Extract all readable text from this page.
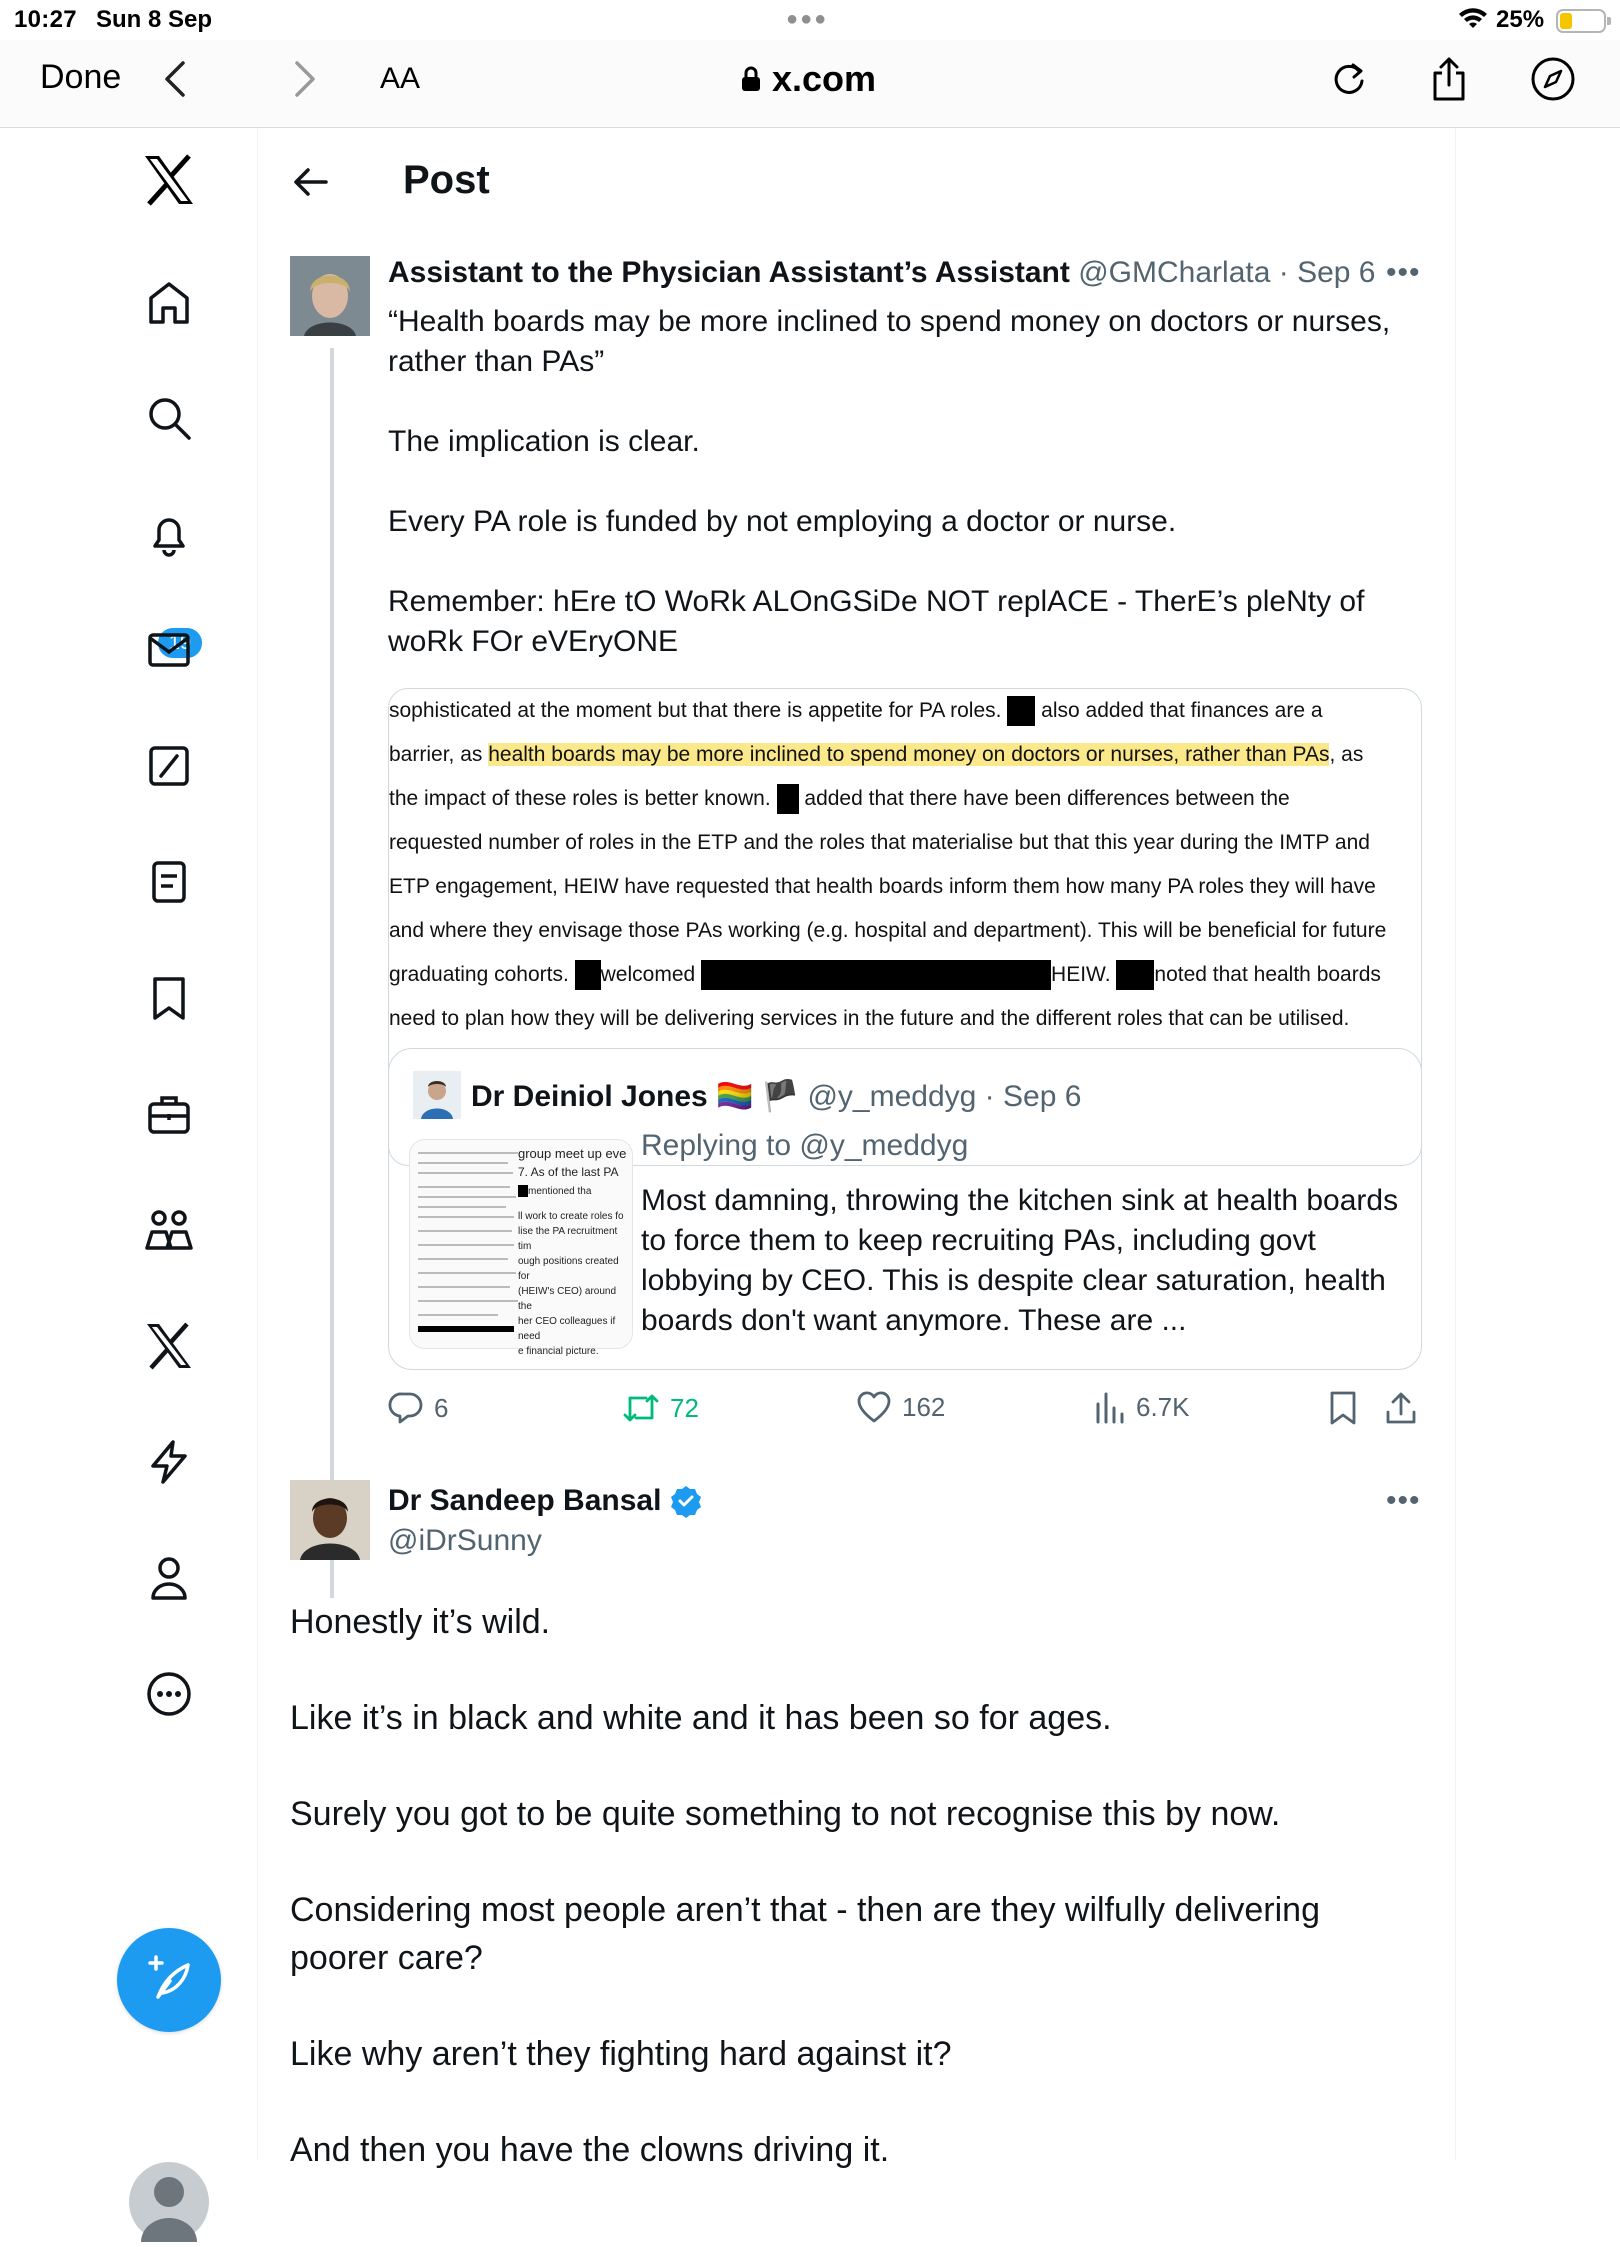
10:27 Sun 8 Sep	●●●	25%
Done	AA	x.com
19
Post
Assistant to the Physician Assistant’s Assistant @GMCharlata · Sep 6 •••
“Health boards may be more inclined to spend money on doctors or nurses,
rather than PAs”
The implication is clear.
Every PA role is funded by not employing a doctor or nurse.
Remember: hEre tO WoRk ALOnGSiDe NOT replACE - TherE’s pleNty of
woRk FOr eVEryONE
sophisticated at the moment but that there is appetite for PA roles. also added that finances are a
barrier, as health boards may be more inclined to spend money on doctors or nurses, rather than PAs, as
the impact of these roles is better known. added that there have been differences between the
requested number of roles in the ETP and the roles that materialise but that this year during the IMTP and
ETP engagement, HEIW have requested that health boards inform them how many PA roles they will have
and where they envisage those PAs working (e.g. hospital and department). This will be beneficial for future
graduating cohorts. welcomed	HEIW. noted that health boards
need to plan how they will be delivering services in the future and the different roles that can be utilised.
Dr Deiniol Jones 🏳️‍🌈 🏴 @y_meddyg · Sep 6
group meet up eve
7. As of the last PA
mentioned tha
ll work to create roles fo
lise the PA recruitment tim
ough positions created for
(HEIW's CEO) around the
her CEO colleagues if need
e financial picture.
Replying to @y_meddyg
Most damning, throwing the kitchen sink at health boards to force them to keep recruiting PAs, including govt lobbying by CEO. This is despite clear saturation, health boards don't want anymore. These are ...
6	72	162	6.7K
Dr Sandeep Bansal
@iDrSunny
•••

Honestly it’s wild.

Like it’s in black and white and it has been so for ages.

Surely you got to be quite something to not recognise this by now.

Considering most people aren’t that - then are they wilfully delivering poorer care?

Like why aren’t they fighting hard against it?

And then you have the clowns driving it.
